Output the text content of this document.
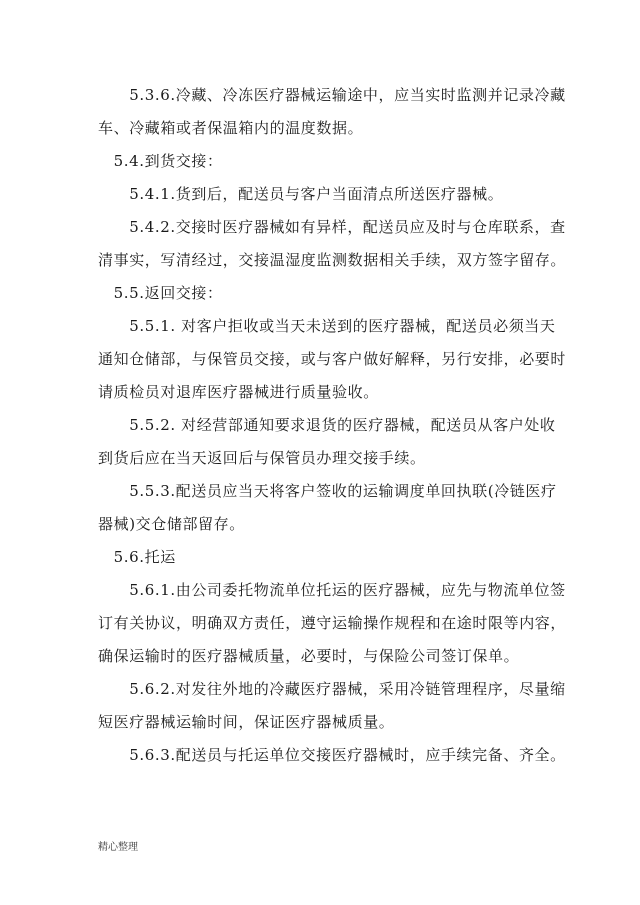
　　5.3.6.冷藏、冷冻医疗器械运输途中，应当实时监测并记录冷藏
车、冷藏箱或者保温箱内的温度数据。
　5.4.到货交接：
　　5.4.1.货到后，配送员与客户当面清点所送医疗器械。
　　5.4.2.交接时医疗器械如有异样，配送员应及时与仓库联系，查
清事实，写清经过，交接温湿度监测数据相关手续，双方签字留存。
　5.5.返回交接：
　　5.5.1. 对客户拒收或当天未送到的医疗器械，配送员必须当天
通知仓储部，与保管员交接，或与客户做好解释，另行安排，必要时
请质检员对退库医疗器械进行质量验收。
　　5.5.2. 对经营部通知要求退货的医疗器械，配送员从客户处收
到货后应在当天返回后与保管员办理交接手续。
　　5.5.3.配送员应当天将客户签收的运输调度单回执联(冷链医疗
器械)交仓储部留存。
　5.6.托运
　　5.6.1.由公司委托物流单位托运的医疗器械，应先与物流单位签
订有关协议，明确双方责任，遵守运输操作规程和在途时限等内容，
确保运输时的医疗器械质量，必要时，与保险公司签订保单。
　　5.6.2.对发往外地的冷藏医疗器械，采用冷链管理程序，尽量缩
短医疗器械运输时间，保证医疗器械质量。
　　5.6.3.配送员与托运单位交接医疗器械时，应手续完备、齐全。
精心整理
